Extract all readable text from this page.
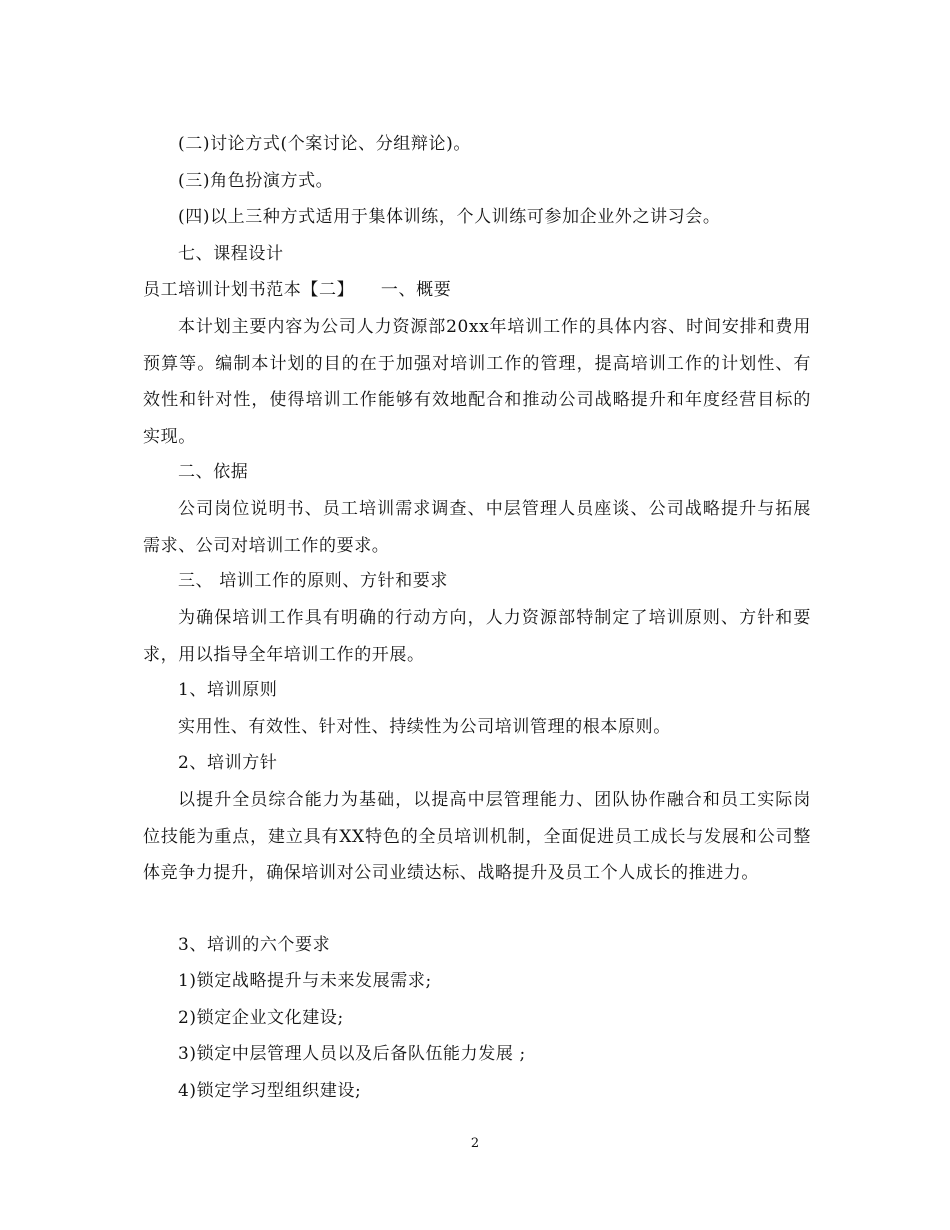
(二)讨论方式(个案讨论、分组辩论)。
(三)角色扮演方式。
(四)以上三种方式适用于集体训练，个人训练可参加企业外之讲习会。
七、课程设计
员工培训计划书范本【二】　　一、概要
本计划主要内容为公司人力资源部20xx年培训工作的具体内容、时间安排和费用预算等。编制本计划的目的在于加强对培训工作的管理，提高培训工作的计划性、有效性和针对性，使得培训工作能够有效地配合和推动公司战略提升和年度经营目标的实现。
二、依据
公司岗位说明书、员工培训需求调查、中层管理人员座谈、公司战略提升与拓展需求、公司对培训工作的要求。
三、 培训工作的原则、方针和要求
为确保培训工作具有明确的行动方向，人力资源部特制定了培训原则、方针和要求，用以指导全年培训工作的开展。
1、培训原则
实用性、有效性、针对性、持续性为公司培训管理的根本原则。
2、培训方针
以提升全员综合能力为基础，以提高中层管理能力、团队协作融合和员工实际岗位技能为重点，建立具有XX特色的全员培训机制，全面促进员工成长与发展和公司整体竞争力提升，确保培训对公司业绩达标、战略提升及员工个人成长的推进力。
3、培训的六个要求
1)锁定战略提升与未来发展需求;
2)锁定企业文化建设;
3)锁定中层管理人员以及后备队伍能力发展 ;
4)锁定学习型组织建设;
2
